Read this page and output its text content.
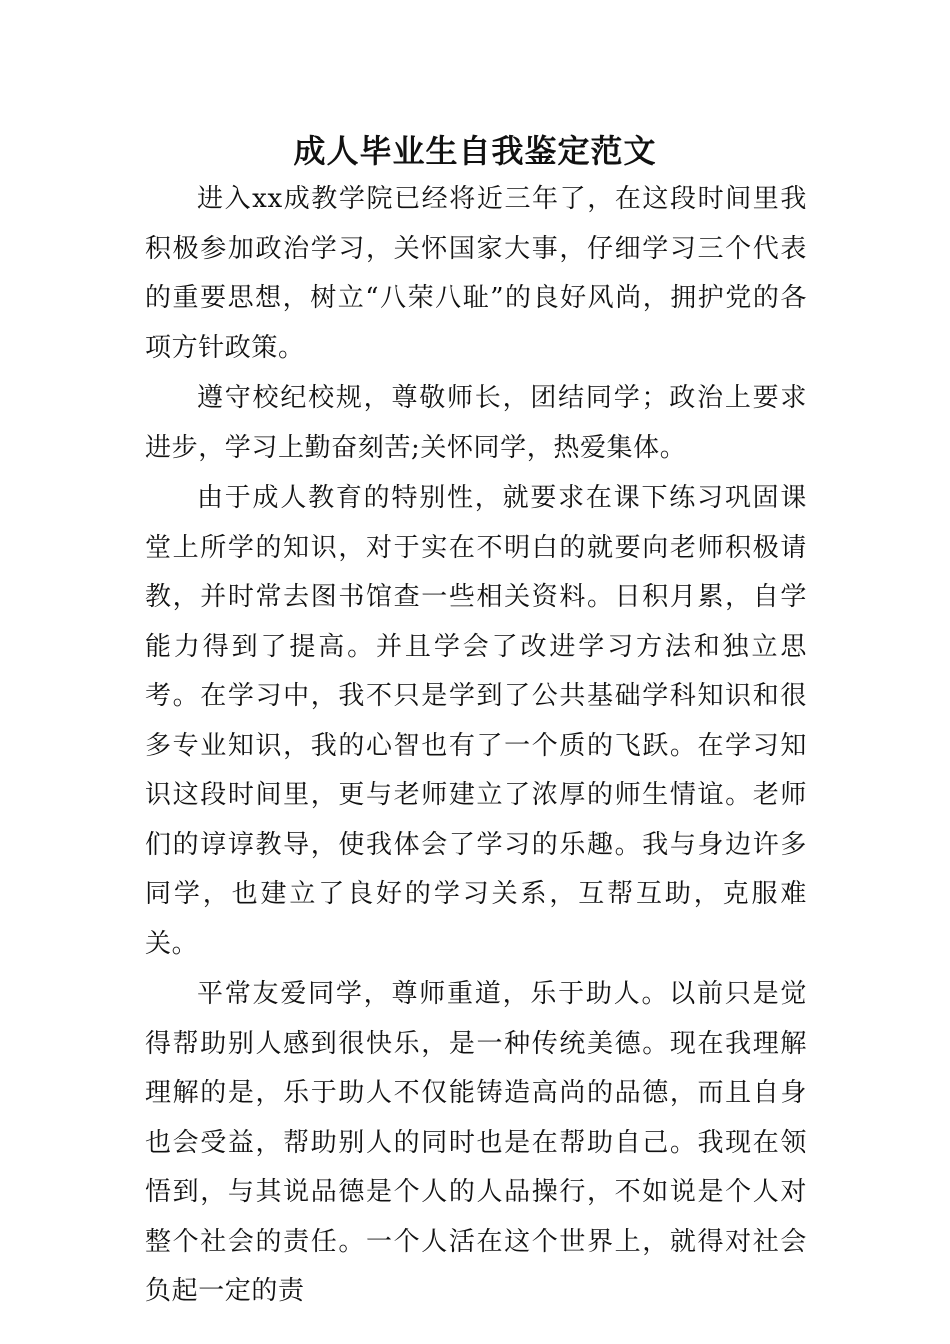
成人毕业生自我鉴定范文

进入xx成教学院已经将近三年了，在这段时间里我积极参加政治学习，关怀国家大事，仔细学习三个代表的重要思想，树立“八荣八耻”的良好风尚，拥护党的各项方针政策。

遵守校纪校规，尊敬师长，团结同学；政治上要求进步，学习上勤奋刻苦;关怀同学，热爱集体。

由于成人教育的特别性，就要求在课下练习巩固课堂上所学的知识，对于实在不明白的就要向老师积极请教，并时常去图书馆查一些相关资料。日积月累，自学能力得到了提高。并且学会了改进学习方法和独立思考。在学习中，我不只是学到了公共基础学科知识和很多专业知识，我的心智也有了一个质的飞跃。在学习知识这段时间里，更与老师建立了浓厚的师生情谊。老师们的谆谆教导，使我体会了学习的乐趣。我与身边许多同学，也建立了良好的学习关系，互帮互助，克服难关。

平常友爱同学，尊师重道，乐于助人。以前只是觉得帮助别人感到很快乐，是一种传统美德。现在我理解理解的是，乐于助人不仅能铸造高尚的品德，而且自身也会受益，帮助别人的同时也是在帮助自己。我现在领悟到，与其说品德是个人的人品操行，不如说是个人对整个社会的责任。一个人活在这个世界上，就得对社会负起一定的责
